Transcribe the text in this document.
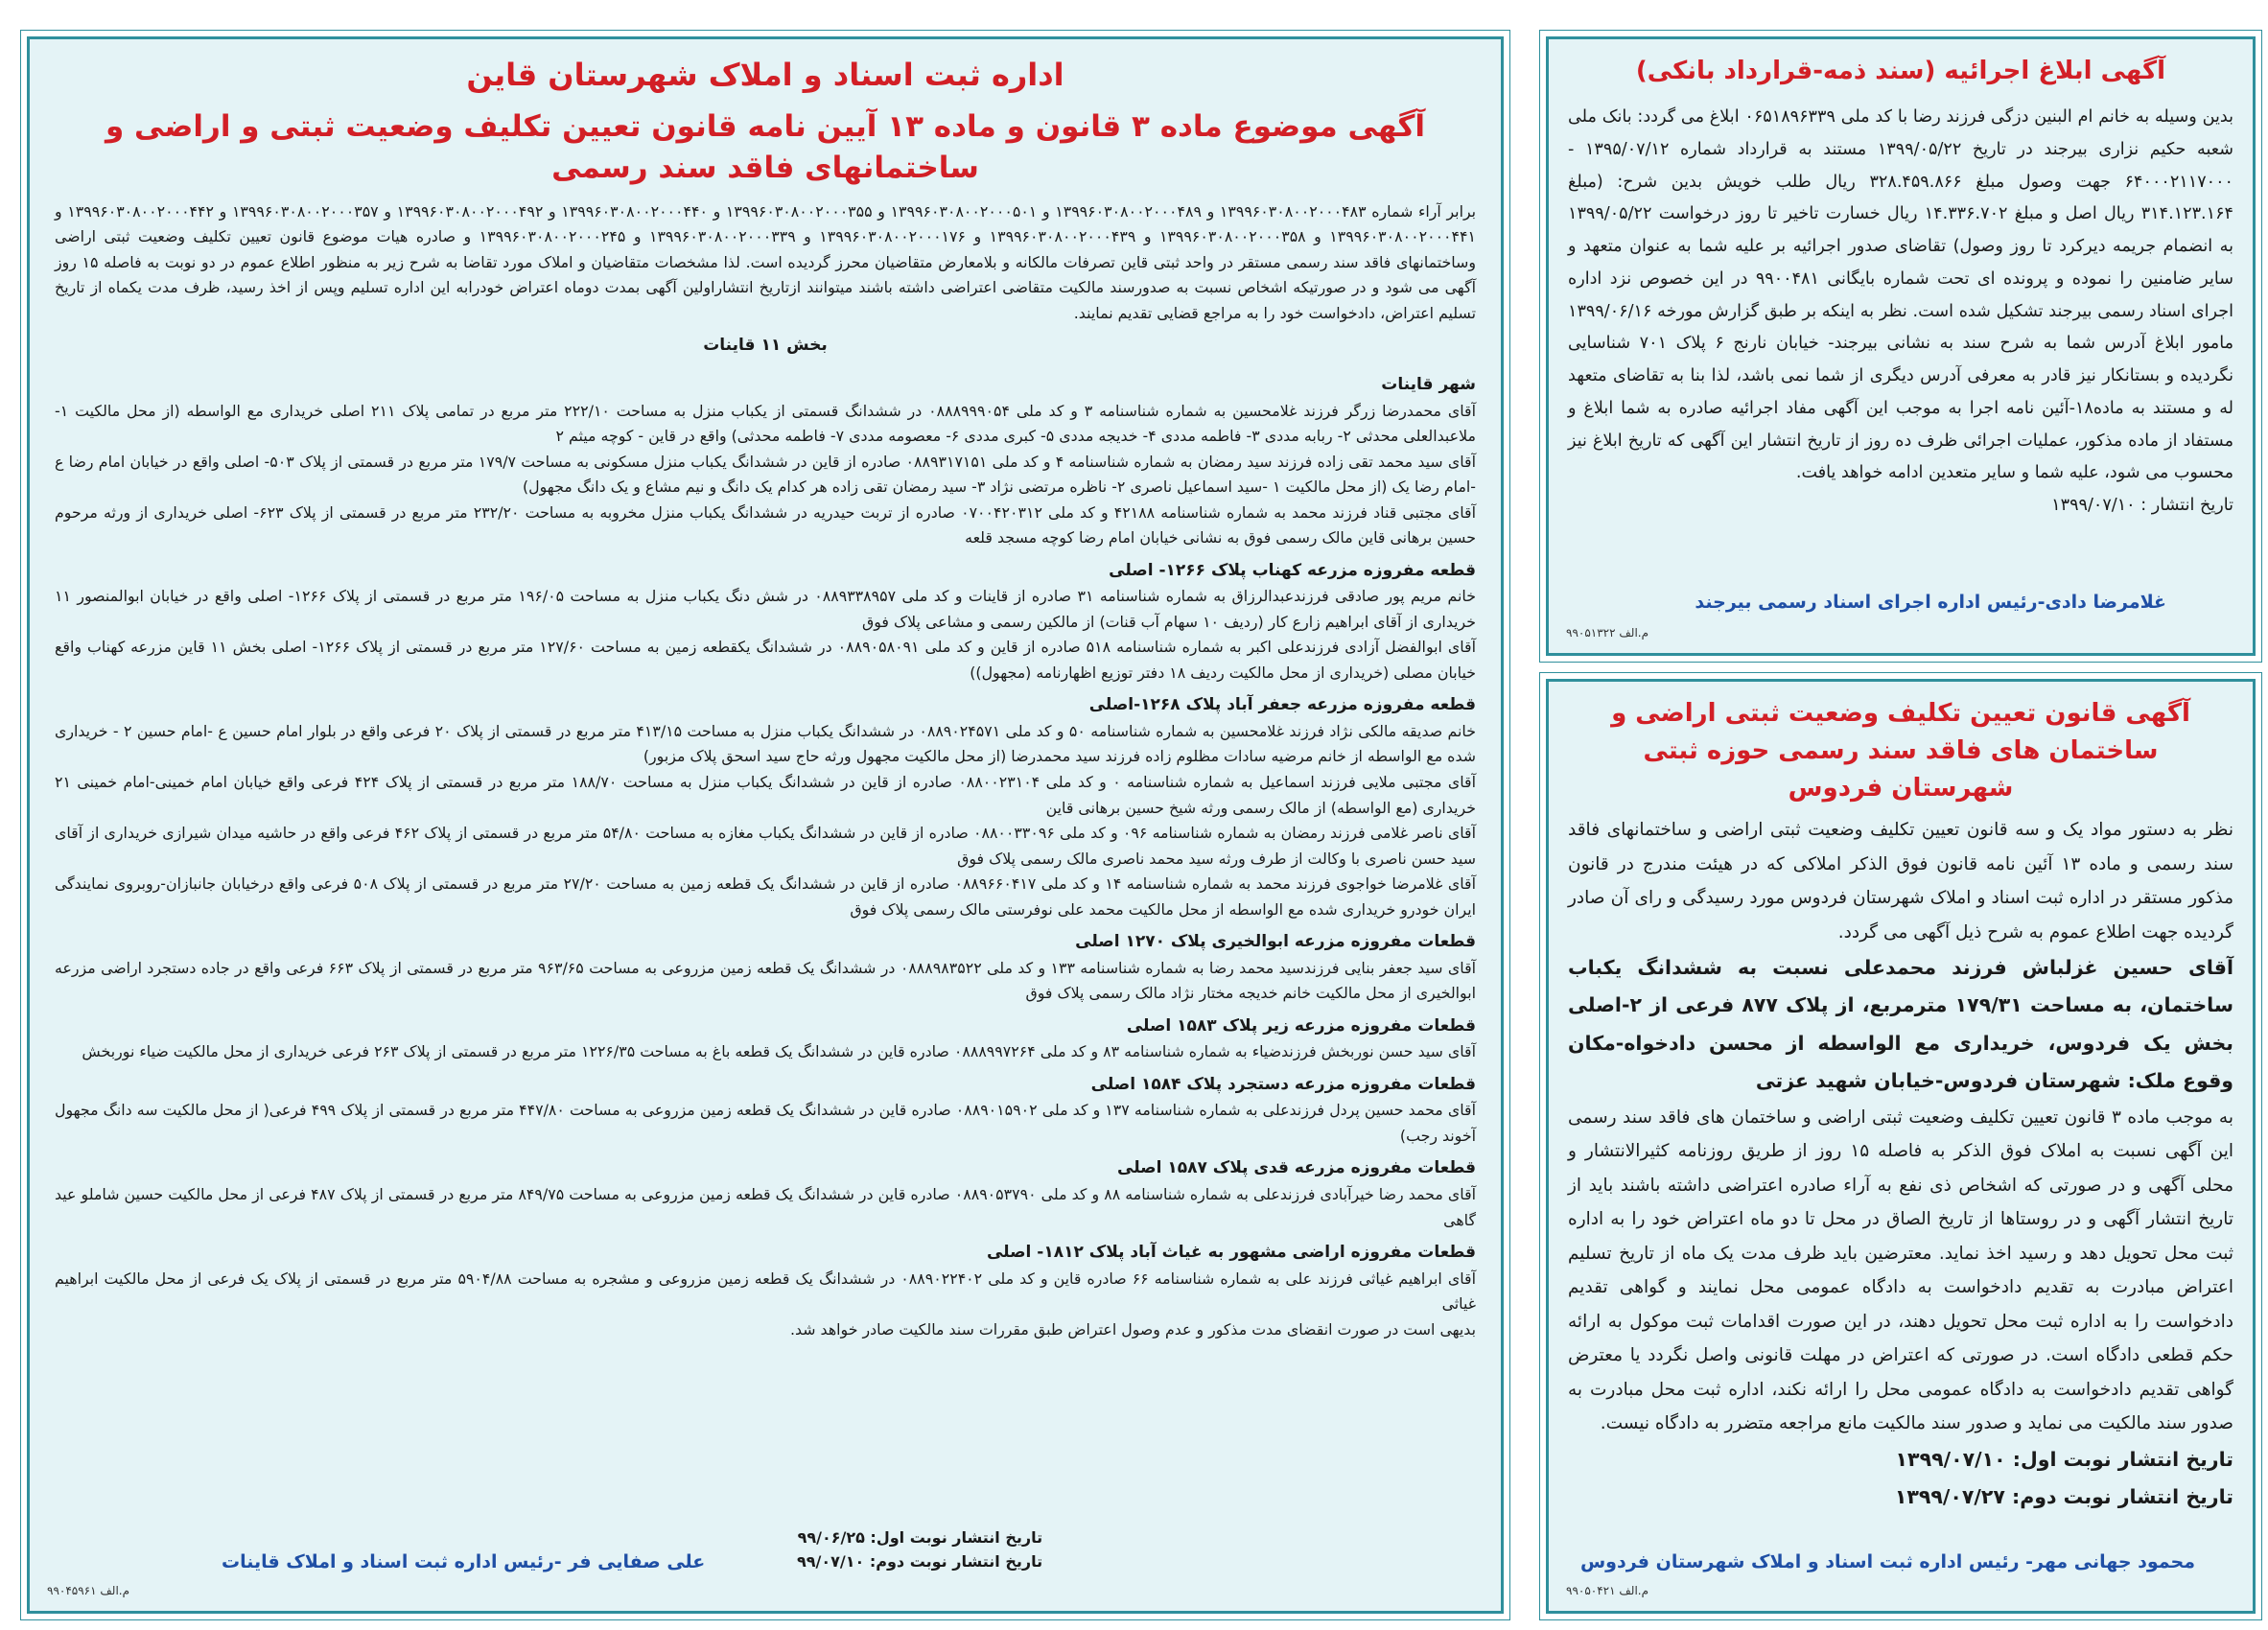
اداره ثبت اسناد و املاک شهرستان قاین
آگهی موضوع ماده ۳ قانون و ماده ۱۳ آیین نامه قانون تعیین تکلیف وضعیت ثبتی و اراضی و ساختمانهای فاقد سند رسمی

برابر آراء شماره ۱۳۹۹۶۰۳۰۸۰۰۲۰۰۰۴۸۳ و ۱۳۹۹۶۰۳۰۸۰۰۲۰۰۰۴۸۹ و ۱۳۹۹۶۰۳۰۸۰۰۲۰۰۰۵۰۱ و ۱۳۹۹۶۰۳۰۸۰۰۲۰۰۰۳۵۵ و ۱۳۹۹۶۰۳۰۸۰۰۲۰۰۰۴۴۰ و ۱۳۹۹۶۰۳۰۸۰۰۲۰۰۰۴۹۲ و ۱۳۹۹۶۰۳۰۸۰۰۲۰۰۰۳۵۷ و ۱۳۹۹۶۰۳۰۸۰۰۲۰۰۰۴۴۲ و ۱۳۹۹۶۰۳۰۸۰۰۲۰۰۰۴۴۱ و ۱۳۹۹۶۰۳۰۸۰۰۲۰۰۰۳۵۸ و ۱۳۹۹۶۰۳۰۸۰۰۲۰۰۰۴۳۹ و ۱۳۹۹۶۰۳۰۸۰۰۲۰۰۰۱۷۶ و ۱۳۹۹۶۰۳۰۸۰۰۲۰۰۰۳۳۹ و ۱۳۹۹۶۰۳۰۸۰۰۲۰۰۰۲۴۵ و صادره هیات موضوع قانون تعیین تکلیف وضعیت ثبتی اراضی وساختمانهای فاقد سند رسمی مستقر در واحد ثبتی قاین تصرفات مالکانه و بلامعارض متقاضیان محرز گردیده است. لذا مشخصات متقاضیان و املاک مورد تقاضا به شرح زیر به منظور اطلاع عموم در دو نوبت به فاصله ۱۵ روز آگهی می شود و در صورتیکه اشخاص نسبت به صدورسند مالکیت متقاضی اعتراضی داشته باشند میتوانند ازتاریخ انتشاراولین آگهی بمدت دوماه اعتراض خودرابه این اداره تسلیم وپس از اخذ رسید، ظرف مدت یکماه از تاریخ تسلیم اعتراض، دادخواست خود را به مراجع قضایی تقدیم نمایند.

بخش ۱۱ قاینات
شهر قاینات

آقای محمدرضا زرگر فرزند غلامحسین به شماره شناسنامه ۳ و کد ملی ۰۸۸۸۹۹۹۰۵۴ در ششدانگ قسمتی از یکباب منزل به مساحت ۲۲۲/۱۰ متر مربع در تمامی پلاک ۲۱۱ اصلی خریداری مع الواسطه (از محل مالکیت ۱-ملاعبدالعلی محدثی ۲- ربابه مددی ۳- فاطمه مددی ۴- خدیجه مددی ۵- کبری مددی ۶- معصومه مددی ۷- فاطمه محدثی) واقع در قاین - کوچه میثم ۲

آقای سید محمد تقی زاده فرزند سید رمضان به شماره شناسنامه ۴ و کد ملی ۰۸۸۹۳۱۷۱۵۱ صادره از قاین در ششدانگ یکباب منزل مسکونی به مساحت ۱۷۹/۷ متر مربع در قسمتی از پلاک ۵۰۳- اصلی واقع در خیابان امام رضا ع -امام رضا یک (از محل مالکیت ۱ -سید اسماعیل ناصری ۲- ناظره مرتضی نژاد ۳- سید رمضان تقی زاده هر کدام یک دانگ و نیم مشاع و یک دانگ مجهول)

آقای مجتبی قناد فرزند محمد به شماره شناسنامه ۴۲۱۸۸ و کد ملی ۰۷۰۰۴۲۰۳۱۲ صادره از تربت حیدریه در ششدانگ یکباب منزل مخروبه به مساحت ۲۳۲/۲۰ متر مربع در قسمتی از پلاک ۶۲۳- اصلی خریداری از ورثه مرحوم حسین برهانی قاین مالک رسمی فوق به نشانی خیابان امام رضا کوچه مسجد قلعه

قطعه مفروزه مزرعه کهناب پلاک ۱۲۶۶- اصلی

خانم مریم پور صادقی فرزندعبدالرزاق به شماره شناسنامه ۳۱ صادره از قاینات و کد ملی ۰۸۸۹۳۳۸۹۵۷ در شش دنگ یکباب منزل به مساحت ۱۹۶/۰۵ متر مربع در قسمتی از پلاک ۱۲۶۶- اصلی واقع در خیابان ابوالمنصور ۱۱ خریداری از آقای ابراهیم زارع کار (ردیف ۱۰ سهام آب قنات) از مالکین رسمی و مشاعی پلاک فوق

آقای ابوالفضل آزادی فرزندعلی اکبر به شماره شناسنامه ۵۱۸ صادره از قاین و کد ملی ۰۸۸۹۰۵۸۰۹۱ در ششدانگ یکقطعه زمین به مساحت ۱۲۷/۶۰ متر مربع در قسمتی از پلاک ۱۲۶۶- اصلی بخش ۱۱ قاین مزرعه کهناب واقع خیابان مصلی (خریداری از محل مالکیت ردیف ۱۸ دفتر توزیع اظهارنامه (مجهول))

قطعه مفروزه مزرعه جعفر آباد پلاک ۱۲۶۸-اصلی

خانم صدیقه مالکی نژاد فرزند غلامحسین به شماره شناسنامه ۵۰ و کد ملی ۰۸۸۹۰۲۴۵۷۱ در ششدانگ یکباب منزل به مساحت ۴۱۳/۱۵ متر مربع در قسمتی از پلاک ۲۰ فرعی واقع در بلوار امام حسین ع -امام حسین ۲ - خریداری شده مع الواسطه از خانم مرضیه سادات مظلوم زاده فرزند سید محمدرضا (از محل مالکیت مجهول ورثه حاج سید اسحق پلاک مزبور)

آقای مجتبی ملایی فرزند اسماعیل به شماره شناسنامه ۰ و کد ملی ۰۸۸۰۰۲۳۱۰۴ صادره از قاین در ششدانگ یکباب منزل به مساحت ۱۸۸/۷۰ متر مربع در قسمتی از پلاک ۴۲۴ فرعی واقع خیابان امام خمینی-امام خمینی ۲۱ خریداری (مع الواسطه) از مالک رسمی ورثه شیخ حسین برهانی قاین

آقای ناصر غلامی فرزند رمضان به شماره شناسنامه ۰۹۶ و کد ملی ۰۸۸۰۰۳۳۰۹۶ صادره از قاین در ششدانگ یکباب مغازه به مساحت ۵۴/۸۰ متر مربع در قسمتی از پلاک ۴۶۲ فرعی واقع در حاشیه میدان شیرازی خریداری از آقای سید حسن ناصری با وکالت از طرف ورثه سید محمد ناصری مالک رسمی پلاک فوق

آقای غلامرضا خواجوی فرزند محمد به شماره شناسنامه ۱۴ و کد ملی ۰۸۸۹۶۶۰۴۱۷ صادره از قاین در ششدانگ یک قطعه زمین به مساحت ۲۷/۲۰ متر مربع در قسمتی از پلاک ۵۰۸ فرعی واقع درخیابان جانبازان-روبروی نمایندگی ایران خودرو خریداری شده مع الواسطه از محل مالکیت محمد علی نوفرستی مالک رسمی پلاک فوق

قطعات مفروزه مزرعه ابوالخیری پلاک ۱۲۷۰ اصلی

آقای سید جعفر بنایی فرزندسید محمد رضا به شماره شناسنامه ۱۳۳ و کد ملی ۰۸۸۸۹۸۳۵۲۲ در ششدانگ یک قطعه زمین مزروعی به مساحت ۹۶۳/۶۵ متر مربع در قسمتی از پلاک ۶۶۳ فرعی واقع در جاده دستجرد اراضی مزرعه ابوالخیری از محل مالکیت خانم خدیجه مختار نژاد مالک رسمی پلاک فوق

قطعات مفروزه مزرعه زیر پلاک ۱۵۸۳ اصلی

آقای سید حسن نوربخش فرزندضیاء به شماره شناسنامه ۸۳ و کد ملی ۰۸۸۸۹۹۷۲۶۴ صادره قاین در ششدانگ یک قطعه باغ به مساحت ۱۲۲۶/۳۵ متر مربع در قسمتی از پلاک ۲۶۳ فرعی خریداری از محل مالکیت ضیاء نوربخش

قطعات مفروزه مزرعه دستجرد پلاک ۱۵۸۴ اصلی

آقای محمد حسین پردل فرزندعلی به شماره شناسنامه ۱۳۷ و کد ملی ۰۸۸۹۰۱۵۹۰۲ صادره قاین در ششدانگ یک قطعه زمین مزروعی به مساحت ۴۴۷/۸۰ متر مربع در قسمتی از پلاک ۴۹۹ فرعی( از محل مالکیت سه دانگ مجهول آخوند رجب)

قطعات مفروزه مزرعه قدی پلاک ۱۵۸۷ اصلی

آقای محمد رضا خیرآبادی فرزندعلی به شماره شناسنامه ۸۸ و کد ملی ۰۸۸۹۰۵۳۷۹۰ صادره قاین در ششدانگ یک قطعه زمین مزروعی به مساحت ۸۴۹/۷۵ متر مربع در قسمتی از پلاک ۴۸۷ فرعی از محل مالکیت حسین شاملو عید گاهی

قطعات مفروزه اراضی مشهور به غیاث آباد پلاک ۱۸۱۲- اصلی

آقای ابراهیم غیاثی فرزند علی به شماره شناسنامه ۶۶ صادره قاین و کد ملی ۰۸۸۹۰۲۲۴۰۲ در ششدانگ یک قطعه زمین مزروعی و مشجره به مساحت ۵۹۰۴/۸۸ متر مربع در قسمتی از پلاک یک فرعی از محل مالکیت ابراهیم غیاثی

بدیهی است در صورت انقضای مدت مذکور و عدم وصول اعتراض طبق مقررات سند مالکیت صادر خواهد شد.

تاریخ انتشار نوبت اول: ۹۹/۰۶/۲۵
تاریخ انتشار نوبت دوم: ۹۹/۰۷/۱۰
علی صفایی فر -رئیس اداره ثبت اسناد و املاک قاینات
م.الف ۹۹۰۴۵۹۶۱
آگهی ابلاغ اجرائیه (سند ذمه-قرارداد بانکی)
بدین وسیله به خانم ام البنین دزگی فرزند رضا با کد ملی ۰۶۵۱۸۹۶۳۳۹ ابلاغ می گردد: بانک ملی شعبه حکیم نزاری بیرجند در تاریخ ۱۳۹۹/۰۵/۲۲ مستند به قرارداد شماره ۱۳۹۵/۰۷/۱۲ - ۶۴۰۰۰۲۱۱۷۰۰۰ جهت وصول مبلغ ۳۲۸.۴۵۹.۸۶۶ ریال طلب خویش بدین شرح: (مبلغ ۳۱۴.۱۲۳.۱۶۴ ریال اصل و مبلغ ۱۴.۳۳۶.۷۰۲ ریال خسارت تاخیر تا روز درخواست ۱۳۹۹/۰۵/۲۲ به انضمام جریمه دیرکرد تا روز وصول) تقاضای صدور اجرائیه بر علیه شما به عنوان متعهد و سایر ضامنین را نموده و پرونده ای تحت شماره بایگانی ۹۹۰۰۴۸۱ در این خصوص نزد اداره اجرای اسناد رسمی بیرجند تشکیل شده است. نظر به اینکه بر طبق گزارش مورخه ۱۳۹۹/۰۶/۱۶ مامور ابلاغ آدرس شما به شرح سند به نشانی بیرجند- خیابان نارنج ۶ پلاک ۷۰۱ شناسایی نگردیده و بستانکار نیز قادر به معرفی آدرس دیگری از شما نمی باشد، لذا بنا به تقاضای متعهد له و مستند به ماده۱۸-آئین نامه اجرا به موجب این آگهی مفاد اجرائیه صادره به شما ابلاغ و مستفاد از ماده مذکور، عملیات اجرائی ظرف ده روز از تاریخ انتشار این آگهی که تاریخ ابلاغ نیز محسوب می شود، علیه شما و سایر متعدین ادامه خواهد یافت.
تاریخ انتشار : ۱۳۹۹/۰۷/۱۰
غلامرضا دادی-رئیس اداره اجرای اسناد رسمی بیرجند
م.الف ۹۹۰۵۱۳۲۲
آگهی قانون تعیین تکلیف وضعیت ثبتی اراضی و ساختمان های فاقد سند رسمی حوزه ثبتی شهرستان فردوس

نظر به دستور مواد یک و سه قانون تعیین تکلیف وضعیت ثبتی اراضی و ساختمانهای فاقد سند رسمی و ماده ۱۳ آئین نامه قانون فوق الذکر املاکی که در هیئت مندرج در قانون مذکور مستقر در اداره ثبت اسناد و املاک شهرستان فردوس مورد رسیدگی و رای آن صادر گردیده جهت اطلاع عموم به شرح ذیل آگهی می گردد.

آقای حسین غزلباش فرزند محمدعلی نسبت به ششدانگ یکباب ساختمان، به مساحت ۱۷۹/۳۱ مترمربع، از پلاک ۸۷۷ فرعی از ۲-اصلی بخش یک فردوس، خریداری مع الواسطه از محسن دادخواه-مکان وقوع ملک: شهرستان فردوس-خیابان شهید عزتی

به موجب ماده ۳ قانون تعیین تکلیف وضعیت ثبتی اراضی و ساختمان های فاقد سند رسمی این آگهی نسبت به املاک فوق الذکر به فاصله ۱۵ روز از طریق روزنامه کثیرالانتشار و محلی آگهی و در صورتی که اشخاص ذی نفع به آراء صادره اعتراضی داشته باشند باید از تاریخ انتشار آگهی و در روستاها از تاریخ الصاق در محل تا دو ماه اعتراض خود را به اداره ثبت محل تحویل دهد و رسید اخذ نماید. معترضین باید ظرف مدت یک ماه از تاریخ تسلیم اعتراض مبادرت به تقدیم دادخواست به دادگاه عمومی محل نمایند و گواهی تقدیم دادخواست را به اداره ثبت محل تحویل دهند، در این صورت اقدامات ثبت موکول به ارائه حکم قطعی دادگاه است. در صورتی که اعتراض در مهلت قانونی واصل نگردد یا معترض گواهی تقدیم دادخواست به دادگاه عمومی محل را ارائه نکند، اداره ثبت محل مبادرت به صدور سند مالکیت می نماید و صدور سند مالکیت مانع مراجعه متضرر به دادگاه نیست.

تاریخ انتشار نوبت اول: ۱۳۹۹/۰۷/۱۰
تاریخ انتشار نوبت دوم: ۱۳۹۹/۰۷/۲۷
محمود جهانی مهر- رئیس اداره ثبت اسناد و املاک شهرستان فردوس
م.الف ۹۹۰۵۰۴۲۱
